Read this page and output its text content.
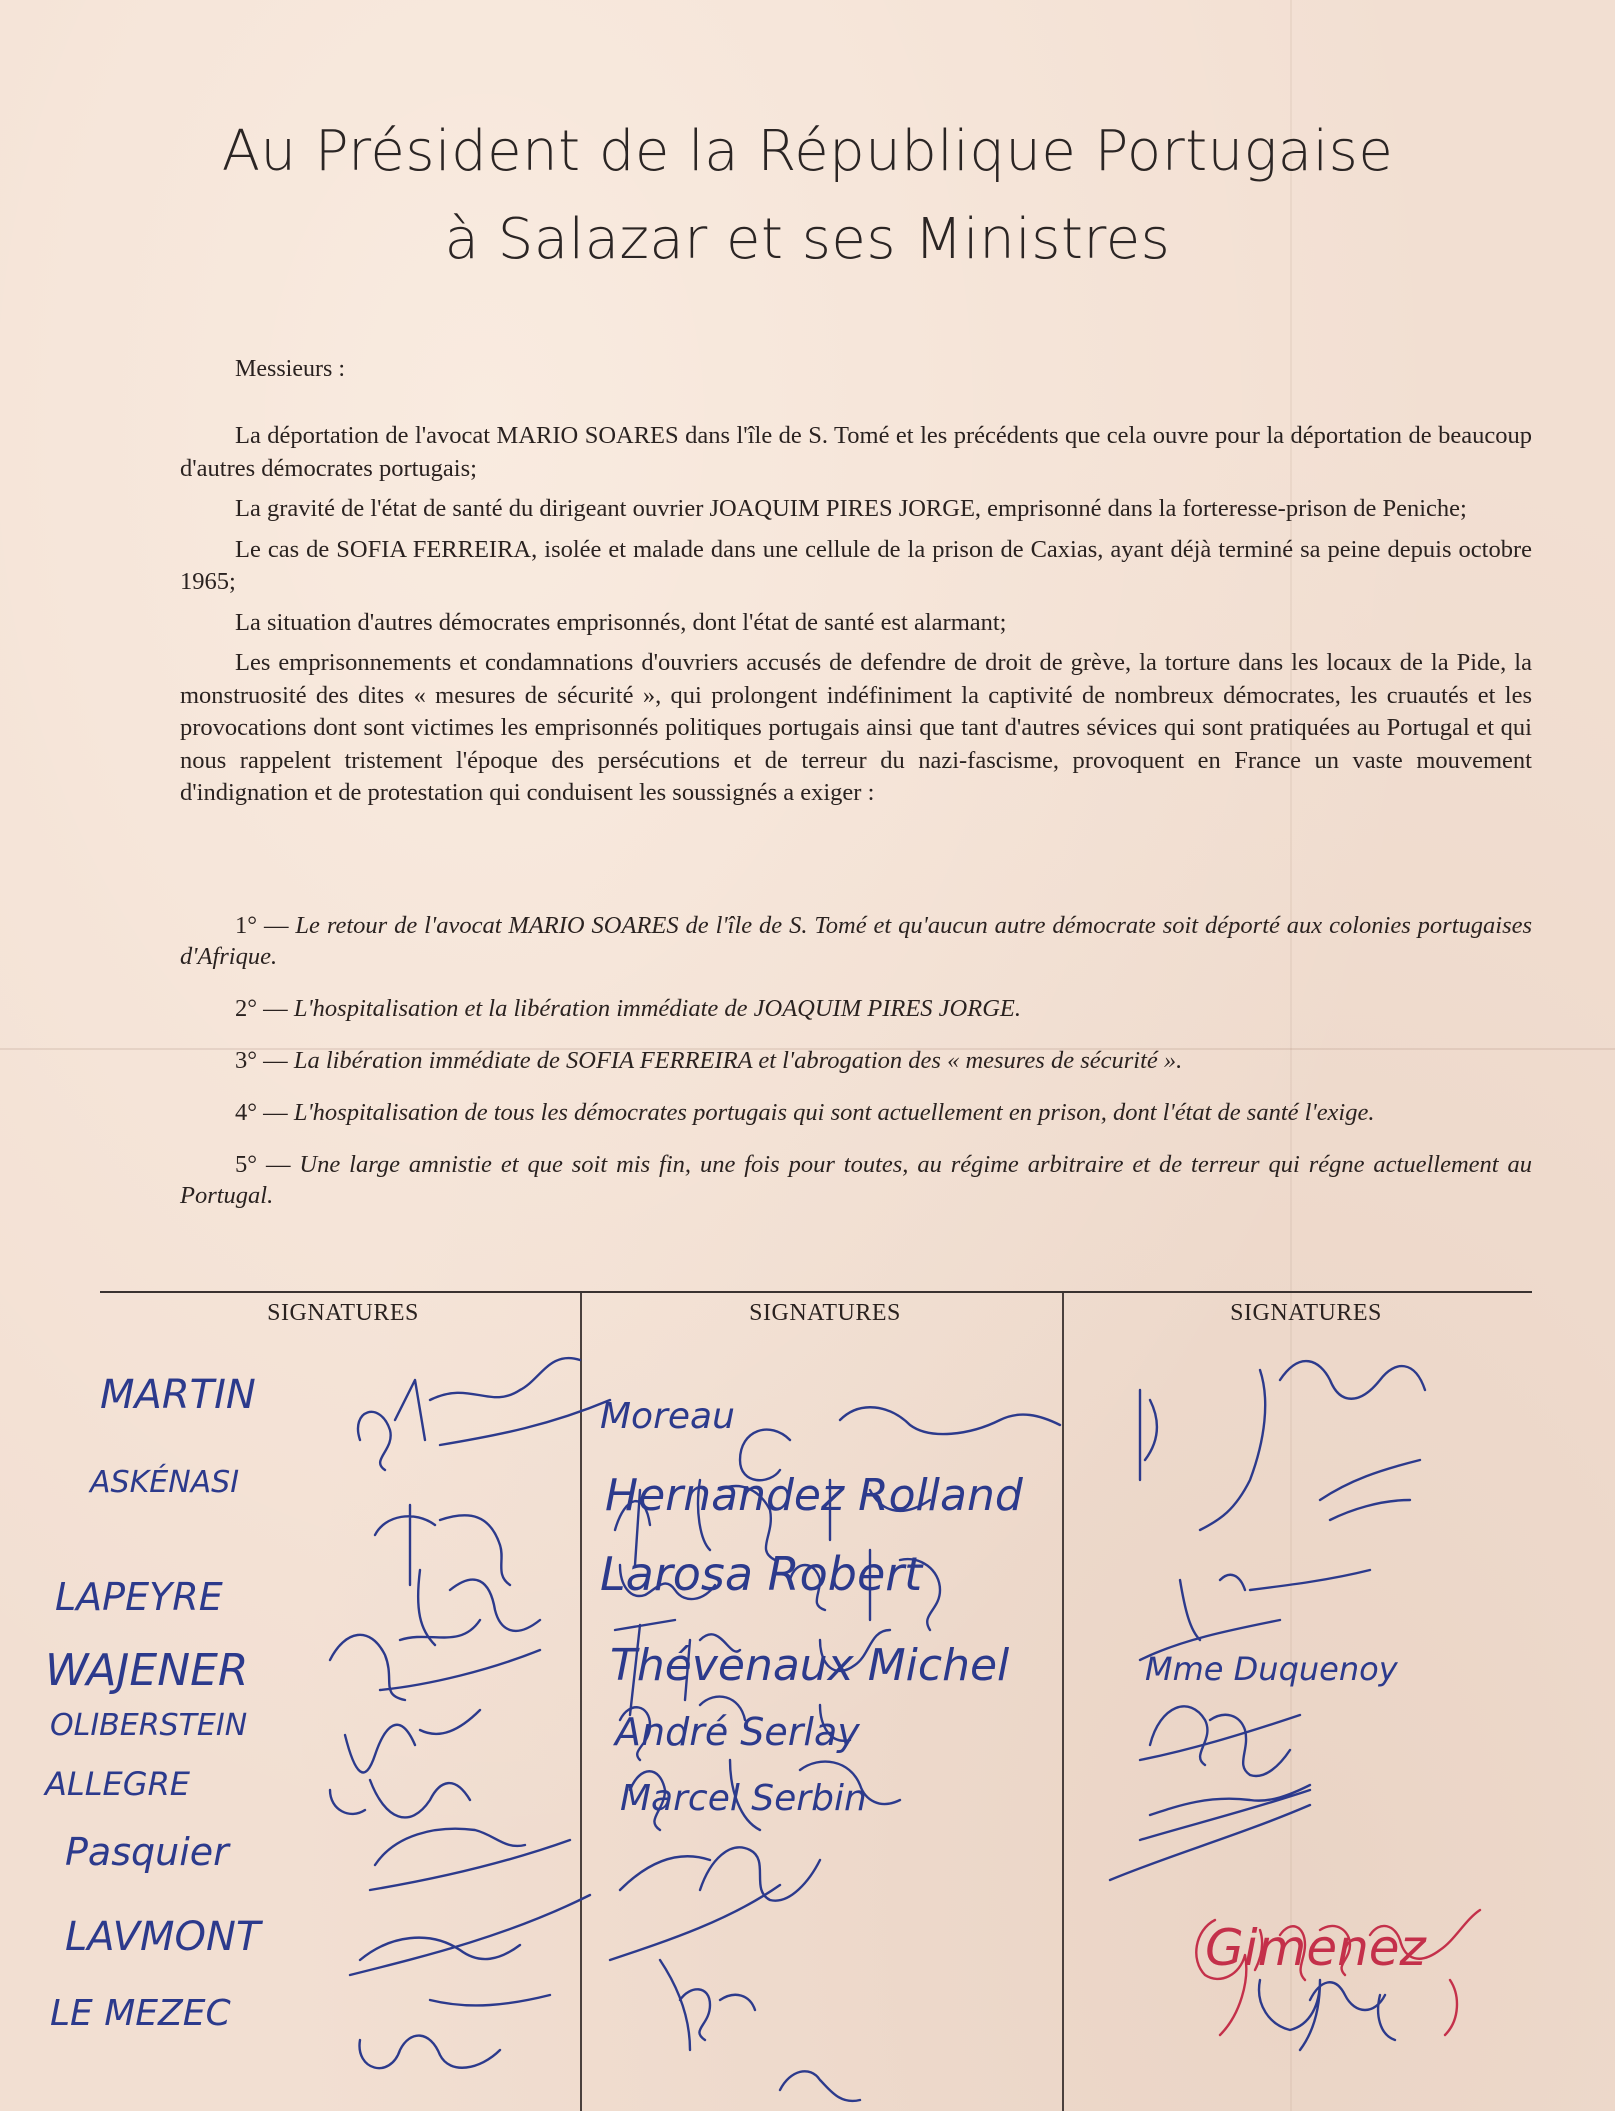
Au Président de la République Portugaise
à Salazar et ses Ministres
Messieurs :

La déportation de l'avocat MARIO SOARES dans l'île de S. Tomé et les précédents que cela ouvre pour la déportation de beaucoup d'autres démocrates portugais;

La gravité de l'état de santé du dirigeant ouvrier JOAQUIM PIRES JORGE, emprisonné dans la forteresse-prison de Peniche;

Le cas de SOFIA FERREIRA, isolée et malade dans une cellule de la prison de Caxias, ayant déjà terminé sa peine depuis octobre 1965;

La situation d'autres démocrates emprisonnés, dont l'état de santé est alarmant;

Les emprisonnements et condamnations d'ouvriers accusés de defendre de droit de grève, la torture dans les locaux de la Pide, la monstruosité des dites « mesures de sécurité », qui prolongent indéfiniment la captivité de nombreux démocrates, les cruautés et les provocations dont sont victimes les emprisonnés politiques portugais ainsi que tant d'autres sévices qui sont pratiquées au Portugal et qui nous rappelent tristement l'époque des persécutions et de terreur du nazi-fascisme, provoquent en France un vaste mouvement d'indignation et de protestation qui conduisent les soussignés a exiger :

1° — Le retour de l'avocat MARIO SOARES de l'île de S. Tomé et qu'aucun autre démocrate soit déporté aux colonies portugaises d'Afrique.

2° — L'hospitalisation et la libération immédiate de JOAQUIM PIRES JORGE.

3° — La libération immédiate de SOFIA FERREIRA et l'abrogation des « mesures de sécurité ».

4° — L'hospitalisation de tous les démocrates portugais qui sont actuellement en prison, dont l'état de santé l'exige.

5° — Une large amnistie et que soit mis fin, une fois pour toutes, au régime arbitraire et de terreur qui régne actuellement au Portugal.

SIGNATURES	SIGNATURES	SIGNATURES
MARTIN
ASKÉNASI
LAPEYRE
WAJENER
OLIBERSTEIN
ALLEGRE
Pasquier
LAVMONT
LE MEZEC
Moreau
Hernandez Rolland
Larosa Robert
Thévenaux Michel
André Serlay
Marcel Serbin
Mme Duquenoy
Gimenez
